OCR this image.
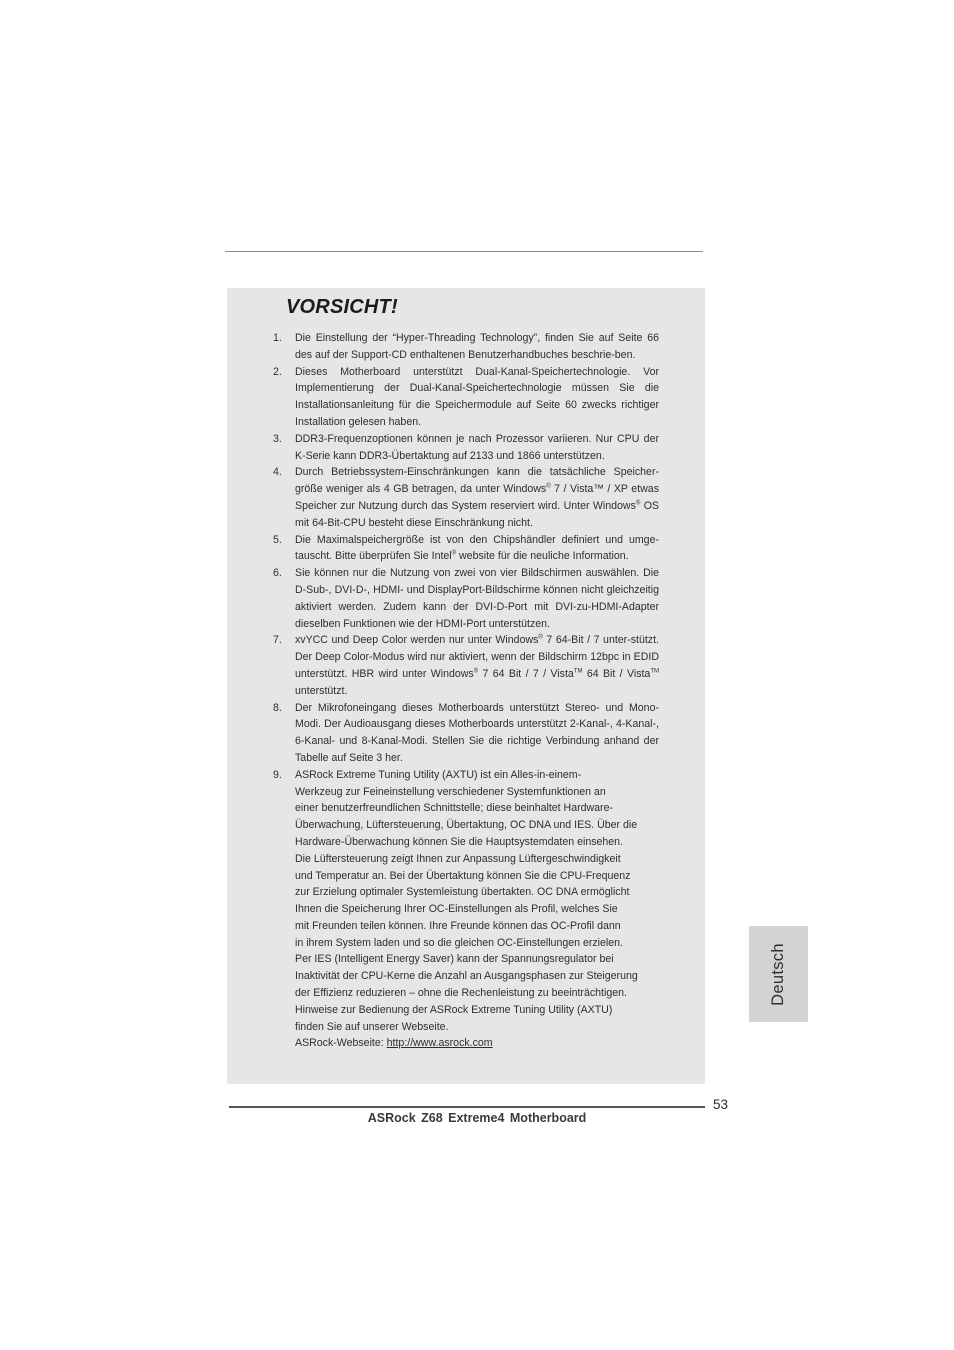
VORSICHT!
1. Die Einstellung der “Hyper-Threading Technology”, finden Sie auf Seite 66 des auf der Support-CD enthaltenen Benutzerhandbuches beschrie-ben.
2. Dieses Motherboard unterstützt Dual-Kanal-Speichertechnologie. Vor Implementierung der Dual-Kanal-Speichertechnologie müssen Sie die Installationsanleitung für die Speichermodule auf Seite 60 zwecks richtiger Installation gelesen haben.
3. DDR3-Frequenzoptionen können je nach Prozessor variieren. Nur CPU der K-Serie kann DDR3-Übertaktung auf 2133 und 1866 unterstützen.
4. Durch Betriebssystem-Einschränkungen kann die tatsächliche Speicher-größe weniger als 4 GB betragen, da unter Windows® 7 / Vista™ / XP etwas Speicher zur Nutzung durch das System reserviert wird. Unter Windows® OS mit 64-Bit-CPU besteht diese Einschränkung nicht.
5. Die Maximalspeichergröße ist von den Chipshändler definiert und umge-tauscht. Bitte überprüfen Sie Intel® website für die neuliche Information.
6. Sie können nur die Nutzung von zwei von vier Bildschirmen auswählen. Die D-Sub-, DVI-D-, HDMI- und DisplayPort-Bildschirme können nicht gleichzeitig aktiviert werden. Zudem kann der DVI-D-Port mit DVI-zu-HDMI-Adapter dieselben Funktionen wie der HDMI-Port unterstützen.
7. xvYCC und Deep Color werden nur unter Windows® 7 64-Bit / 7 unter-stützt. Der Deep Color-Modus wird nur aktiviert, wenn der Bildschirm 12bpc in EDID unterstützt. HBR wird unter Windows® 7 64 Bit / 7 / Vista™ 64 Bit / Vista™ unterstützt.
8. Der Mikrofoneingang dieses Motherboards unterstützt Stereo- und Mono-Modi. Der Audioausgang dieses Motherboards unterstützt 2-Kanal-, 4-Kanal-, 6-Kanal- und 8-Kanal-Modi. Stellen Sie die richtige Verbindung anhand der Tabelle auf Seite 3 her.
9. ASRock Extreme Tuning Utility (AXTU) ist ein Alles-in-einem-
Werkzeug zur Feineinstellung verschiedener Systemfunktionen an
einer benutzerfreundlichen Schnittstelle; diese beinhaltet Hardware-
Überwachung, Lüftersteuerung, Übertaktung, OC DNA und IES. Über die
Hardware-Überwachung können Sie die Hauptsystemdaten einsehen.
Die Lüftersteuerung zeigt Ihnen zur Anpassung Lüftergeschwindigkeit
und Temperatur an. Bei der Übertaktung können Sie die CPU-Frequenz
zur Erzielung optimaler Systemleistung übertakten. OC DNA ermöglicht
Ihnen die Speicherung Ihrer OC-Einstellungen als Profil, welches Sie
mit Freunden teilen können. Ihre Freunde können das OC-Profil dann
in ihrem System laden und so die gleichen OC-Einstellungen erzielen.
Per IES (Intelligent Energy Saver) kann der Spannungsregulator bei
Inaktivität der CPU-Kerne die Anzahl an Ausgangsphasen zur Steigerung
der Effizienz reduzieren – ohne die Rechenleistung zu beeinträchtigen.
Hinweise zur Bedienung der ASRock Extreme Tuning Utility (AXTU)
finden Sie auf unserer Webseite.
ASRock-Webseite: http://www.asrock.com
Deutsch
53
ASRock Z68 Extreme4 Motherboard
